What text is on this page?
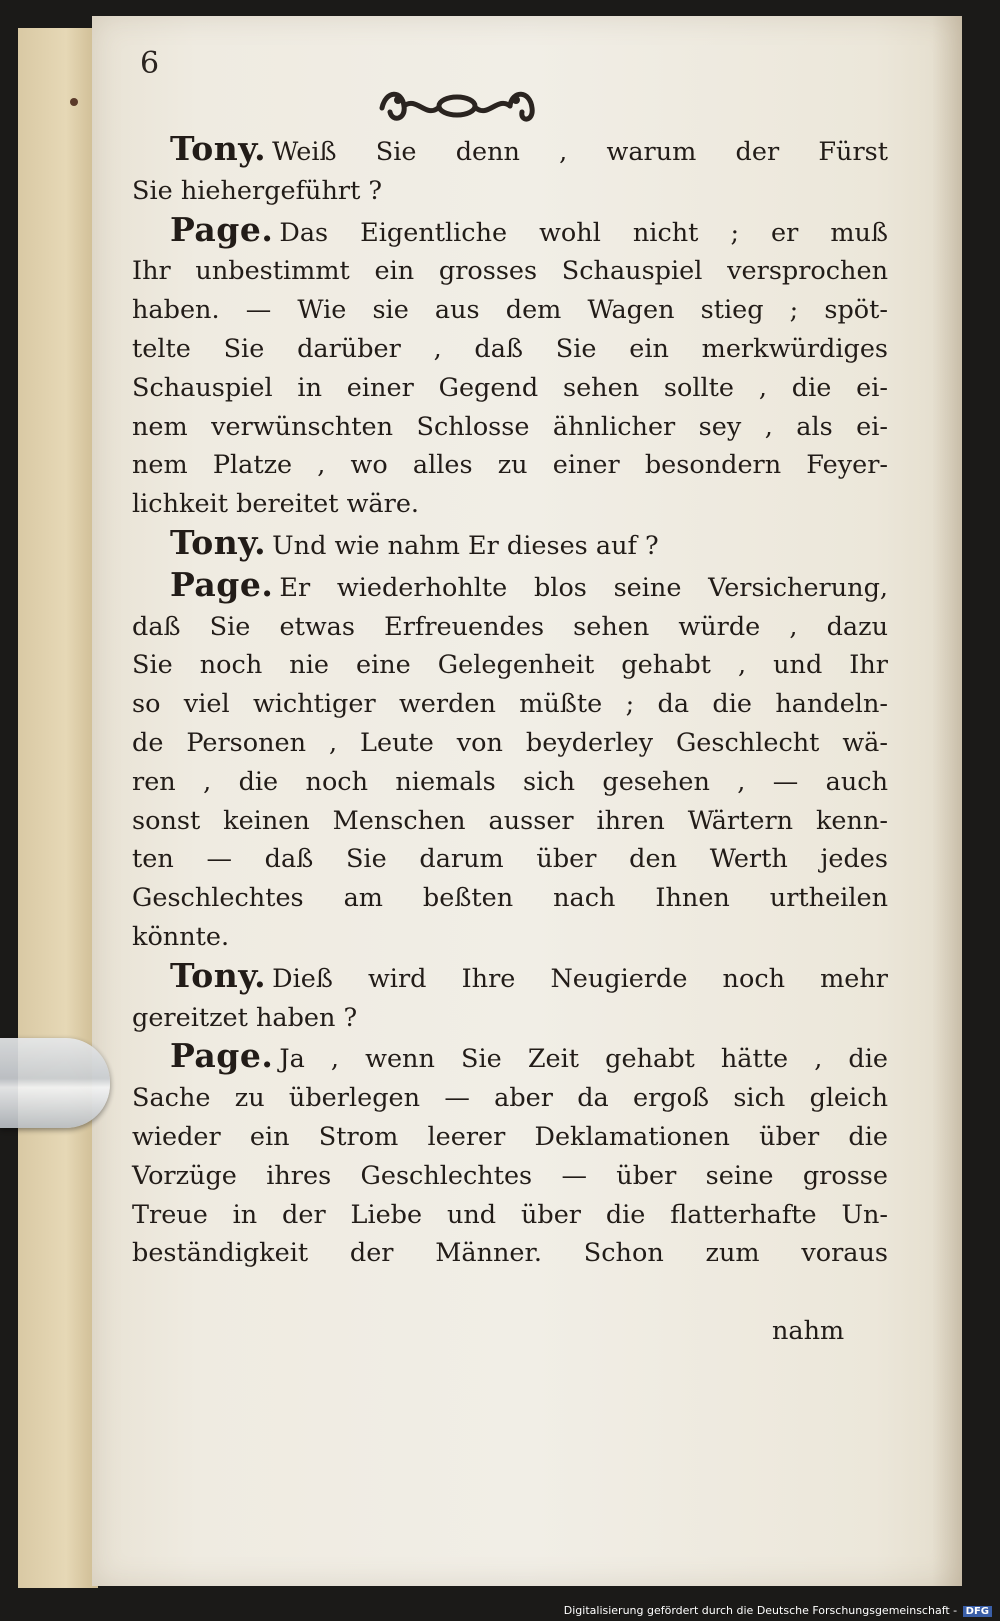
6
Tony. Weiß Sie denn , warum der Fürst
Sie hiehergeführt ?
Page. Das Eigentliche wohl nicht ; er muß
Ihr unbestimmt ein grosses Schauspiel versprochen
haben. — Wie sie aus dem Wagen stieg ; spöt-
telte Sie darüber , daß Sie ein merkwürdiges
Schauspiel in einer Gegend sehen sollte , die ei-
nem verwünschten Schlosse ähnlicher sey , als ei-
nem Platze , wo alles zu einer besondern Feyer-
lichkeit bereitet wäre.
Tony. Und wie nahm Er dieses auf ?
Page. Er wiederhohlte blos seine Versicherung,
daß Sie etwas Erfreuendes sehen würde , dazu
Sie noch nie eine Gelegenheit gehabt , und Ihr
so viel wichtiger werden müßte ; da die handeln-
de Personen , Leute von beyderley Geschlecht wä-
ren , die noch niemals sich gesehen , — auch
sonst keinen Menschen ausser ihren Wärtern kenn-
ten — daß Sie darum über den Werth jedes
Geschlechtes am beßten nach Ihnen urtheilen
könnte.
Tony. Dieß wird Ihre Neugierde noch mehr
gereitzet haben ?
Page. Ja , wenn Sie Zeit gehabt hätte , die
Sache zu überlegen — aber da ergoß sich gleich
wieder ein Strom leerer Deklamationen über die
Vorzüge ihres Geschlechtes — über seine grosse
Treue in der Liebe und über die flatterhafte Un-
beständigkeit der Männer. Schon zum voraus
nahm
Digitalisierung gefördert durch die Deutsche Forschungsgemeinschaft - DFG
